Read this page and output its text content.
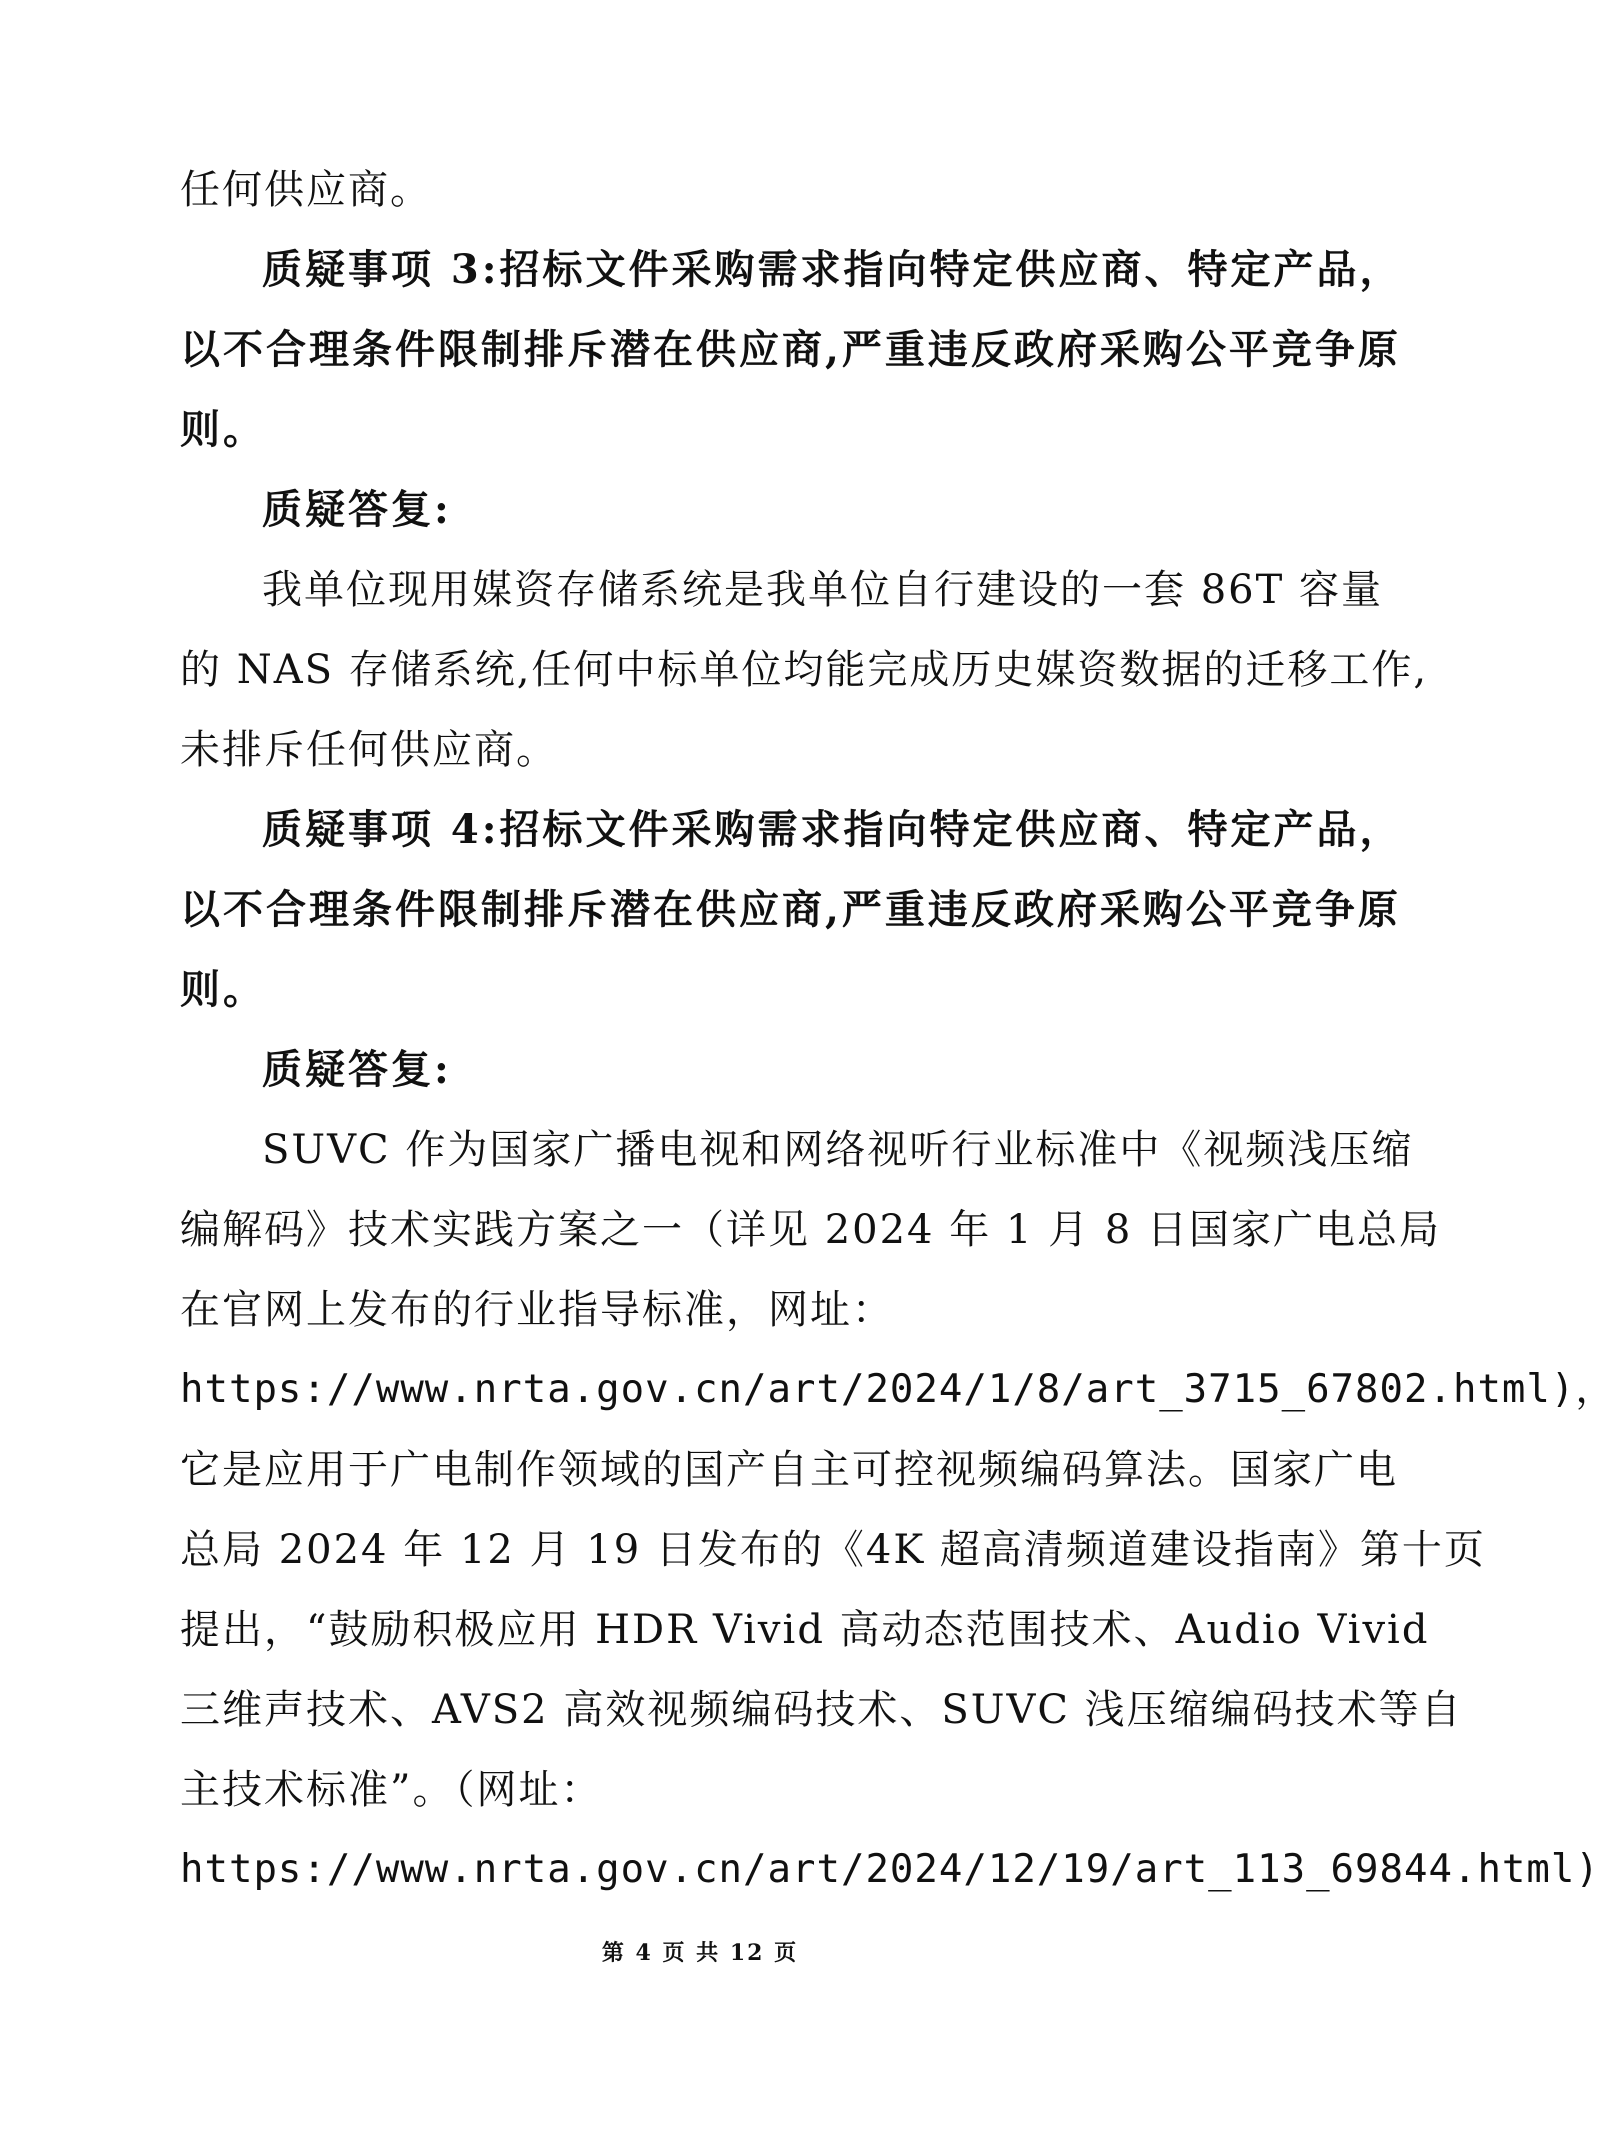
任何供应商。
质疑事项 3:招标文件采购需求指向特定供应商、特定产品，
以不合理条件限制排斥潜在供应商,严重违反政府采购公平竞争原
则。
质疑答复:
我单位现用媒资存储系统是我单位自行建设的一套 86T 容量
的 NAS 存储系统,任何中标单位均能完成历史媒资数据的迁移工作,
未排斥任何供应商。
质疑事项 4:招标文件采购需求指向特定供应商、特定产品，
以不合理条件限制排斥潜在供应商,严重违反政府采购公平竞争原
则。
质疑答复:
SUVC 作为国家广播电视和网络视听行业标准中《视频浅压缩
编解码》技术实践方案之一（详见 2024 年 1 月 8 日国家广电总局
在官网上发布的行业指导标准，网址：
https://www.nrta.gov.cn/art/2024/1/8/art_3715_67802.html)，
它是应用于广电制作领域的国产自主可控视频编码算法。国家广电
总局 2024 年 12 月 19 日发布的《4K 超高清频道建设指南》第十页
提出，“鼓励积极应用 HDR Vivid 高动态范围技术、Audio Vivid
三维声技术、AVS2 高效视频编码技术、SUVC 浅压缩编码技术等自
主技术标准”。（网址：
https://www.nrta.gov.cn/art/2024/12/19/art_113_69844.html)
第 4 页 共 12 页
